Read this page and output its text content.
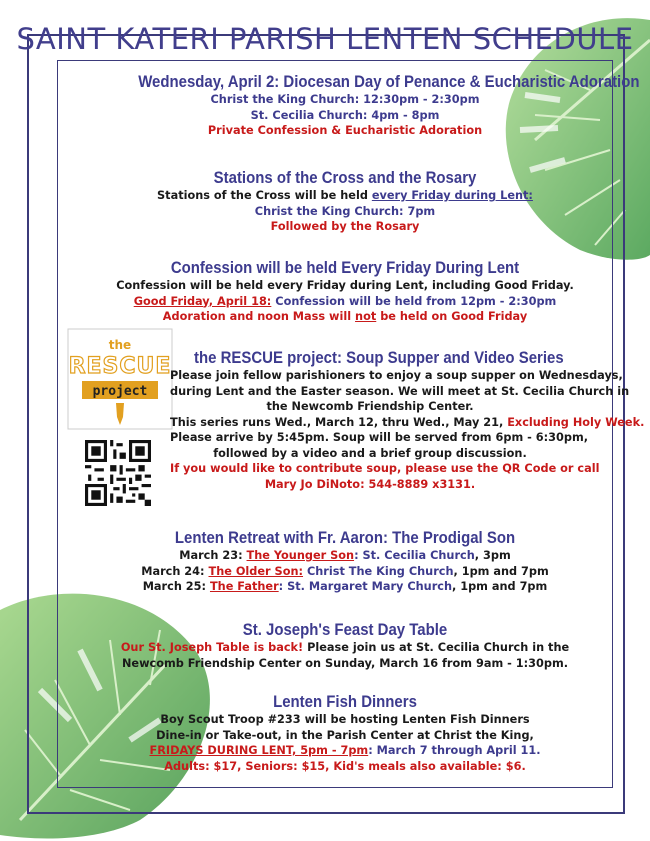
SAINT KATERI PARISH LENTEN SCHEDULE
Wednesday, April 2: Diocesan Day of Penance & Eucharistic Adoration
Christ the King Church: 12:30pm - 2:30pm
St. Cecilia Church: 4pm - 8pm
Private Confession & Eucharistic Adoration
Stations of the Cross and the Rosary
Stations of the Cross will be held every Friday during Lent:
Christ the King Church: 7pm
Followed by the Rosary
Confession will be held Every Friday During Lent
Confession will be held every Friday during Lent, including Good Friday.
Good Friday, April 18: Confession will be held from 12pm - 2:30pm
Adoration and noon Mass will not be held on Good Friday
the
RESCUE
project
the RESCUE project: Soup Supper and Video Series
Please join fellow parishioners to enjoy a soup supper on Wednesdays,
during Lent and the Easter season. We will meet at St. Cecilia Church in
the Newcomb Friendship Center.
This series runs Wed., March 12, thru Wed., May 21, Excluding Holy Week.
Please arrive by 5:45pm. Soup will be served from 6pm - 6:30pm,
followed by a video and a brief group discussion.
If you would like to contribute soup, please use the QR Code or call
Mary Jo DiNoto: 544-8889 x3131.
Lenten Retreat with Fr. Aaron: The Prodigal Son
March 23: The Younger Son: St. Cecilia Church, 3pm
March 24: The Older Son: Christ The King Church, 1pm and 7pm
March 25: The Father: St. Margaret Mary Church, 1pm and 7pm
St. Joseph's Feast Day Table
Our St. Joseph Table is back! Please join us at St. Cecilia Church in the
Newcomb Friendship Center on Sunday, March 16 from 9am - 1:30pm.
Lenten Fish Dinners
Boy Scout Troop #233 will be hosting Lenten Fish Dinners
Dine-in or Take-out, in the Parish Center at Christ the King,
FRIDAYS DURING LENT, 5pm - 7pm: March 7 through April 11.
Adults: $17, Seniors: $15, Kid's meals also available: $6.
